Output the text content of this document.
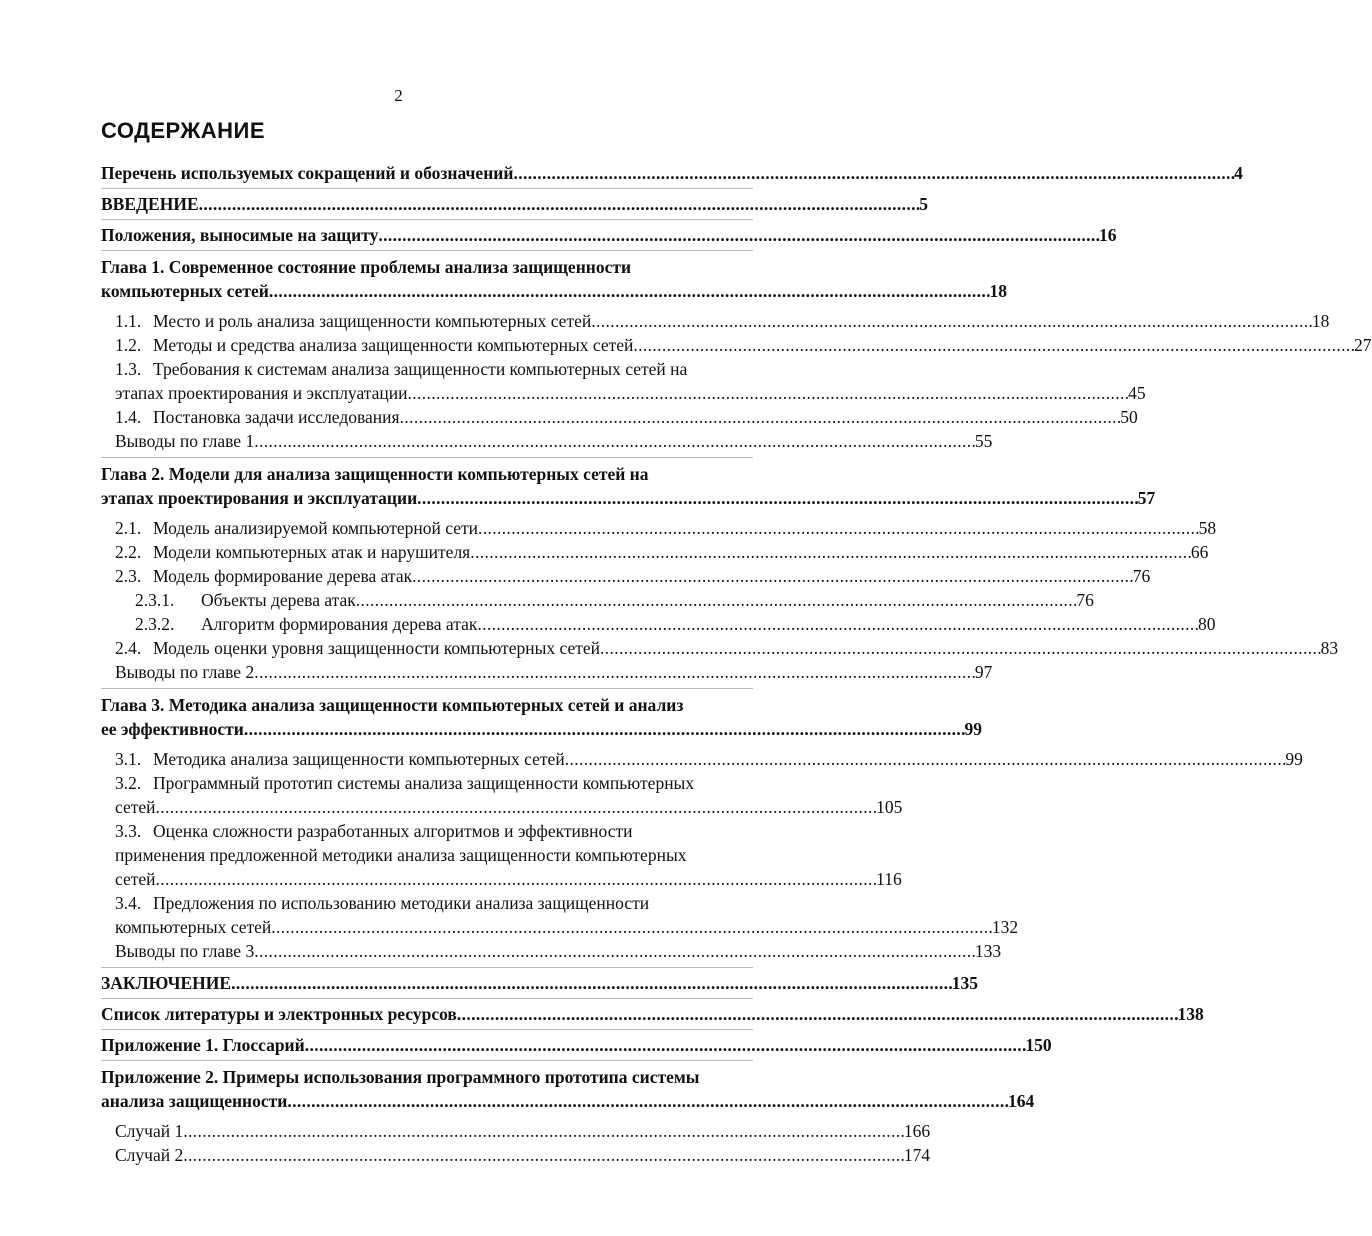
2
СОДЕРЖАНИЕ
Перечень используемых сокращений и обозначений . . .	4
ВВЕДЕНИЕ . . .	5
Положения, выносимые на защиту . . .	16
Глава 1. Современное состояние проблемы анализа защищенности
компьютерных сетей . . .	18
1.1. Место и роль анализа защищенности компьютерных сетей . . .	18
1.2. Методы и средства анализа защищенности компьютерных сетей . . .	27
1.3. Требования к системам анализа защищенности компьютерных сетей на
этапах проектирования и эксплуатации . . .	45
1.4. Постановка задачи исследования . . .	50
Выводы по главе 1 . . .	55
Глава 2. Модели для анализа защищенности компьютерных сетей на
этапах проектирования и эксплуатации . . .	57
2.1. Модель анализируемой компьютерной сети . . .	58
2.2. Модели компьютерных атак и нарушителя . . .	66
2.3. Модель формирование дерева атак . . .	76
2.3.1. Объекты дерева атак . . .	76
2.3.2. Алгоритм формирования дерева атак . . .	80
2.4. Модель оценки уровня защищенности компьютерных сетей . . .	83
Выводы по главе 2 . . .	97
Глава 3. Методика анализа защищенности компьютерных сетей и анализ
ее эффективности . . .	99
3.1. Методика анализа защищенности компьютерных сетей . . .	99
3.2. Программный прототип системы анализа защищенности компьютерных
сетей . . .	105
3.3. Оценка сложности разработанных алгоритмов и эффективности
применения предложенной методики анализа защищенности компьютерных
сетей . . .	116
3.4. Предложения по использованию методики анализа защищенности
компьютерных сетей . . .	132
Выводы по главе 3 . . .	133
ЗАКЛЮЧЕНИЕ . . .	135
Список литературы и электронных ресурсов . . .	138
Приложение 1. Глоссарий . . .	150
Приложение 2. Примеры использования программного прототипа системы
анализа защищенности . . .	164
Случай 1 . . .	166
Случай 2 . . .	174
